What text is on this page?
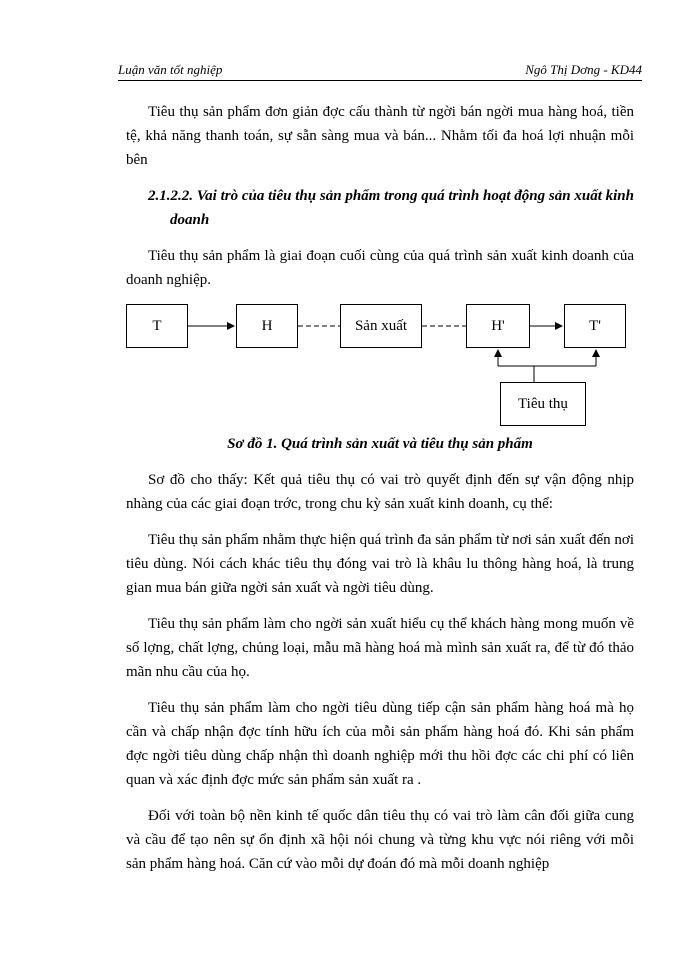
Luận văn tốt nghiệp	Ngô Thị Dơng - KD44

Tiêu thụ sản phẩm đơn giản đợc cấu thành từ ngời bán ngời mua hàng hoá, tiền tệ, khả năng thanh toán, sự sẵn sàng mua và bán... Nhằm tối đa hoá lợi nhuận mỗi bên

2.1.2.2. Vai trò của tiêu thụ sản phẩm trong quá trình hoạt động sản xuất kinh doanh

Tiêu thụ sản phẩm là giai đoạn cuối cùng của quá trình sản xuất kinh doanh của doanh nghiệp.

T	H	Sản xuất	H'	T'
Tiêu thụ
Sơ đồ 1. Quá trình sản xuất và tiêu thụ sản phẩm

Sơ đồ cho thấy: Kết quả tiêu thụ có vai trò quyết định đến sự vận động nhịp nhàng của các giai đoạn trớc, trong chu kỳ sản xuất kinh doanh, cụ thể:

Tiêu thụ sản phẩm nhằm thực hiện quá trình đa sản phẩm từ nơi sản xuất đến nơi tiêu dùng. Nói cách khác tiêu thụ đóng vai trò là khâu lu thông hàng hoá, là trung gian mua bán giữa ngời sản xuất và ngời tiêu dùng.

Tiêu thụ sản phẩm làm cho ngời sản xuất hiểu cụ thể khách hàng mong muốn về số lợng, chất lợng, chủng loại, mẫu mã hàng hoá mà mình sản xuất ra, để từ đó thảo mãn nhu cầu của họ.

Tiêu thụ sản phẩm làm cho ngời tiêu dùng tiếp cận sản phẩm hàng hoá mà họ cần và chấp nhận đợc tính hữu ích của mỗi sản phẩm hàng hoá đó. Khi sản phẩm đợc ngời tiêu dùng chấp nhận thì doanh nghiệp mới thu hồi đợc các chi phí có liên quan và xác định đợc mức sản phẩm sản xuất ra .

Đối với toàn bộ nền kinh tế quốc dân tiêu thụ có vai trò làm cân đối giữa cung và cầu để tạo nên sự ổn định xã hội nói chung và từng khu vực nói riêng với mỗi sản phẩm hàng hoá. Căn cứ vào mỗi dự đoán đó mà mỗi doanh nghiệp
